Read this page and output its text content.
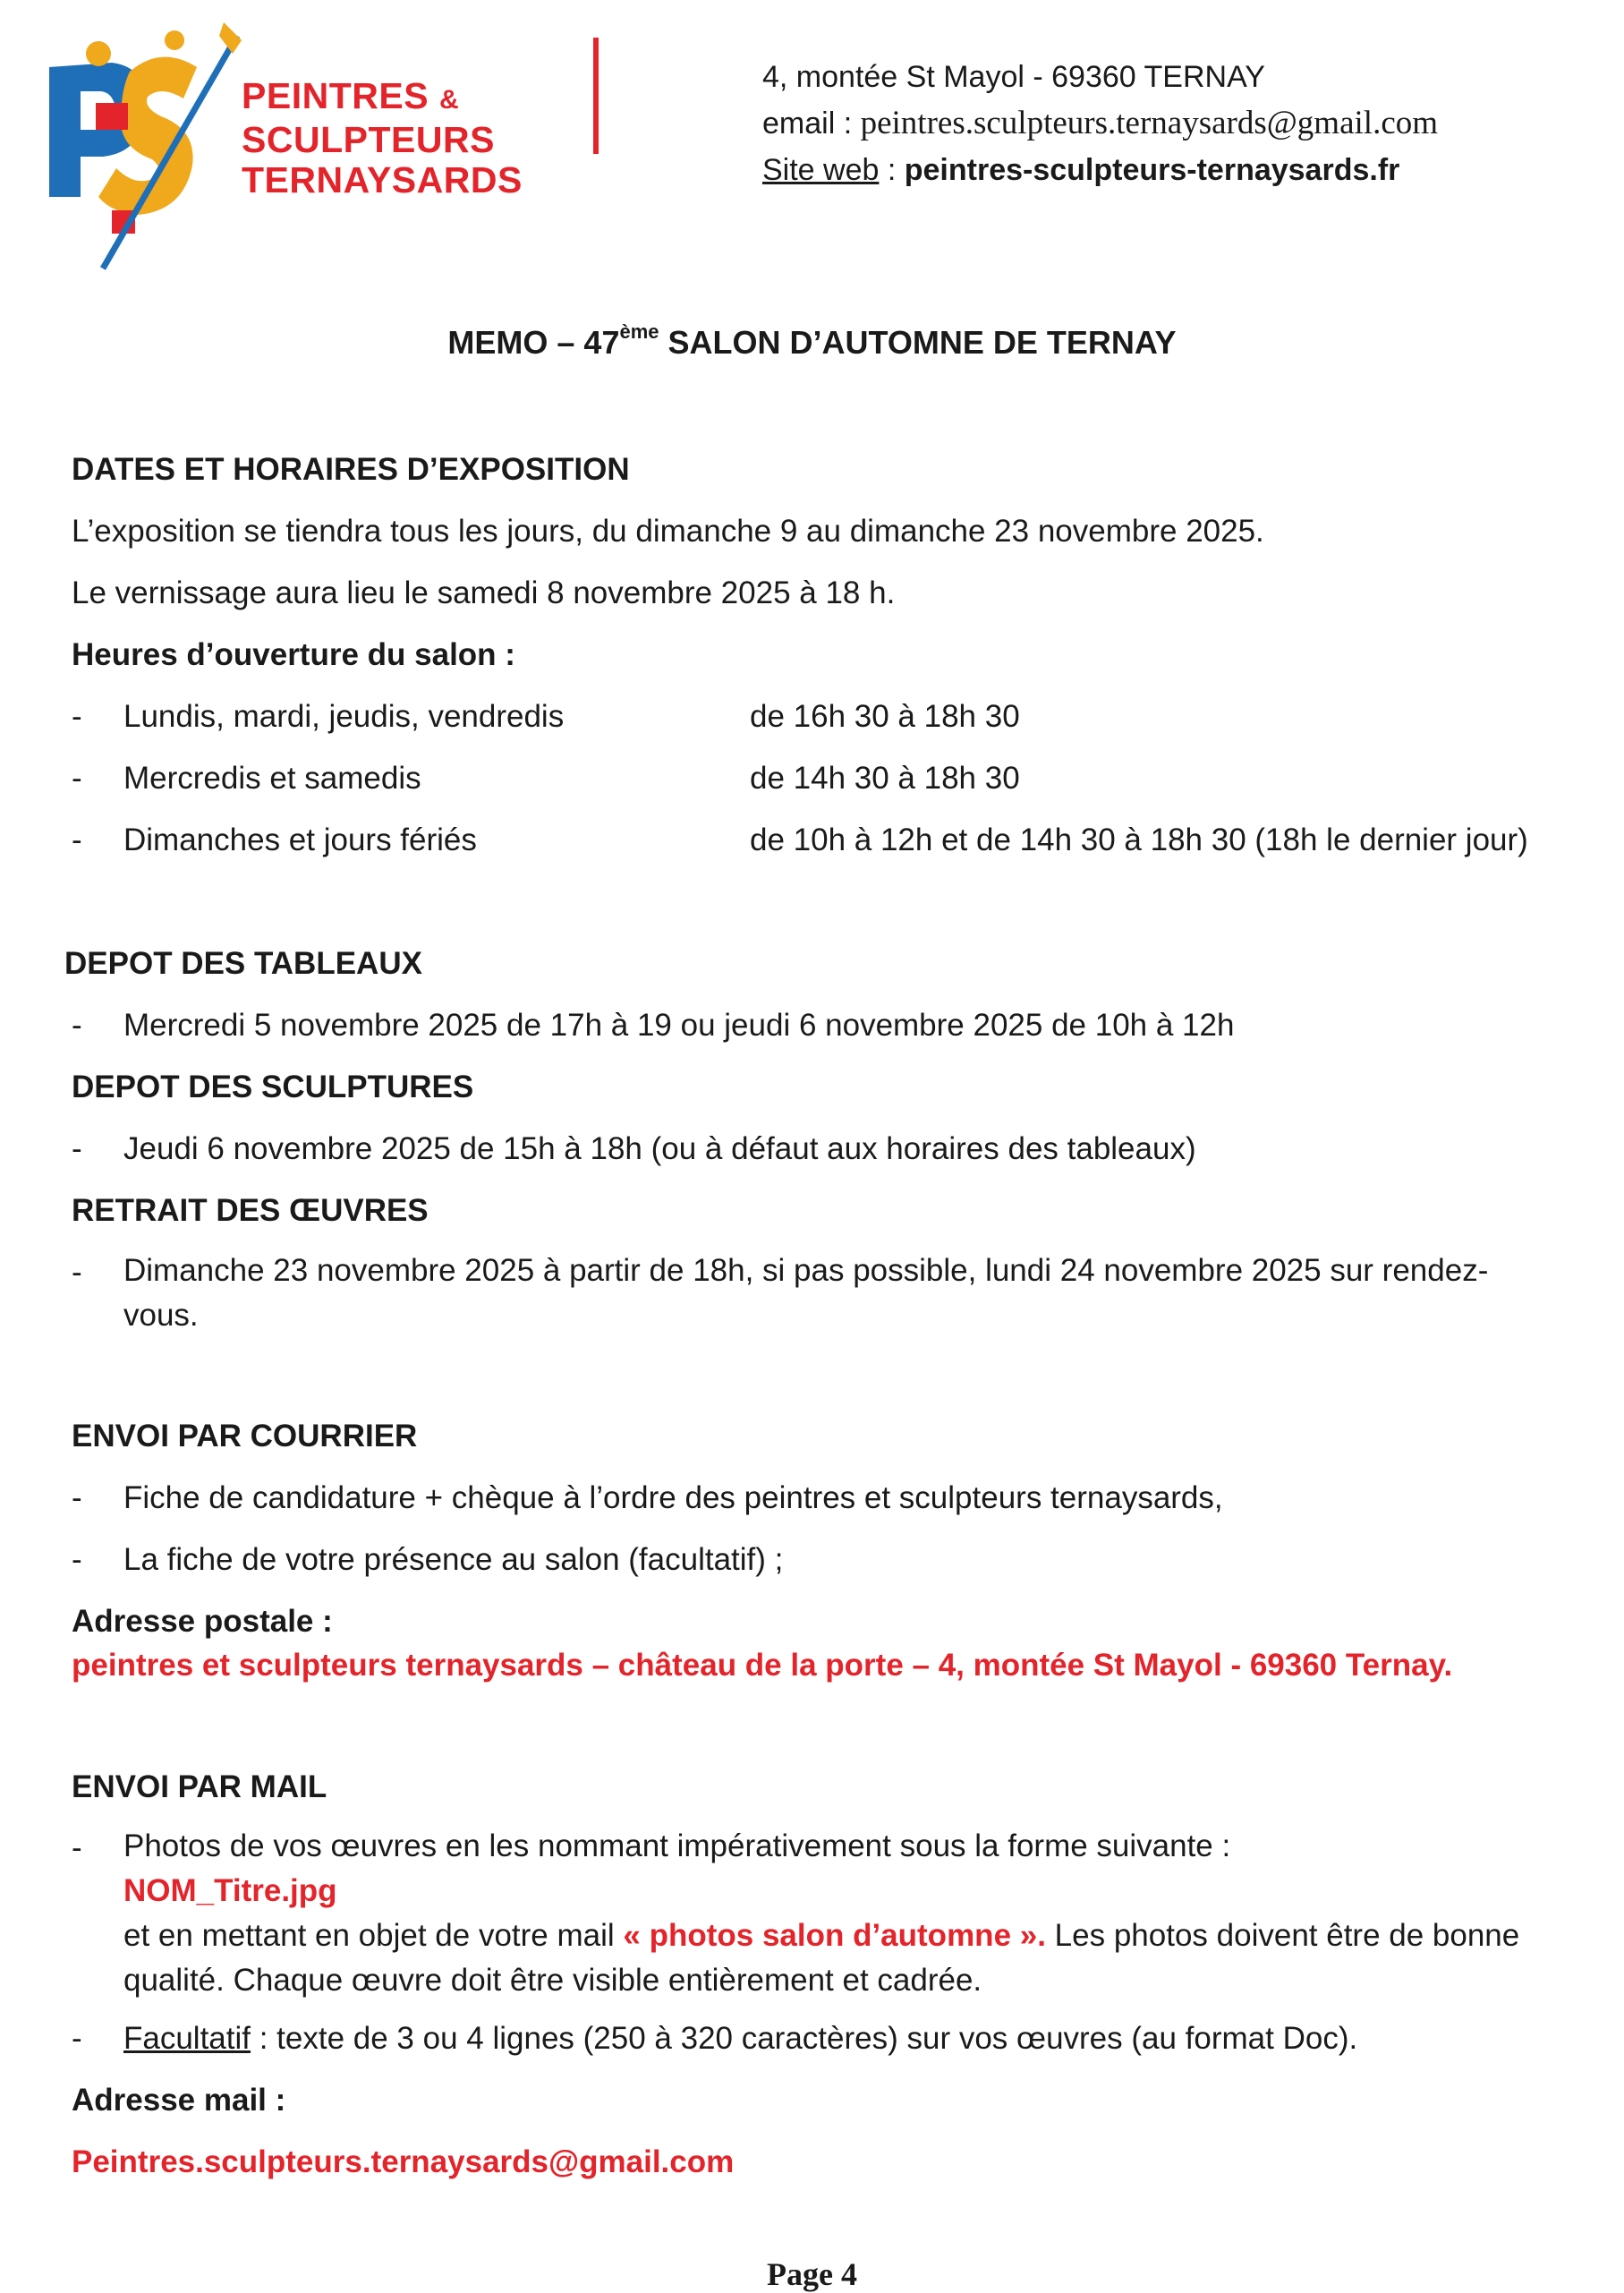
PEINTRES &
SCULPTEURS
TERNAYSARDS
4, montée St Mayol - 69360 TERNAY
email : peintres.sculpteurs.ternaysards@gmail.com
Site web : peintres-sculpteurs-ternaysards.fr
MEMO – 47ème SALON D’AUTOMNE DE TERNAY
DATES ET HORAIRES D’EXPOSITION
L’exposition se tiendra tous les jours, du dimanche 9 au dimanche 23 novembre 2025.
Le vernissage aura lieu le samedi 8 novembre 2025 à 18 h.
Heures d’ouverture du salon :
- Lundis, mardi, jeudis, vendredis	de 16h 30 à 18h 30
- Mercredis et samedis	de 14h 30 à 18h 30
- Dimanches et jours fériés	de 10h à 12h et de 14h 30 à 18h 30 (18h le dernier jour)
DEPOT DES TABLEAUX
- Mercredi 5 novembre 2025 de 17h à 19 ou jeudi 6 novembre 2025 de 10h à 12h
DEPOT DES SCULPTURES
- Jeudi 6 novembre 2025 de 15h à 18h (ou à défaut aux horaires des tableaux)
RETRAIT DES ŒUVRES
- Dimanche 23 novembre 2025 à partir de 18h, si pas possible, lundi 24 novembre 2025 sur rendez-vous.
ENVOI PAR COURRIER
- Fiche de candidature + chèque à l’ordre des peintres et sculpteurs ternaysards,
- La fiche de votre présence au salon (facultatif) ;
Adresse postale :
peintres et sculpteurs ternaysards – château de la porte – 4, montée St Mayol - 69360 Ternay.
ENVOI PAR MAIL
- Photos de vos œuvres en les nommant impérativement sous la forme suivante :
NOM_Titre.jpg
et en mettant en objet de votre mail « photos salon d’automne ». Les photos doivent être de bonne qualité. Chaque œuvre doit être visible entièrement et cadrée.
- Facultatif : texte de 3 ou 4 lignes (250 à 320 caractères) sur vos œuvres (au format Doc).
Adresse mail :
Peintres.sculpteurs.ternaysards@gmail.com
Page 4
